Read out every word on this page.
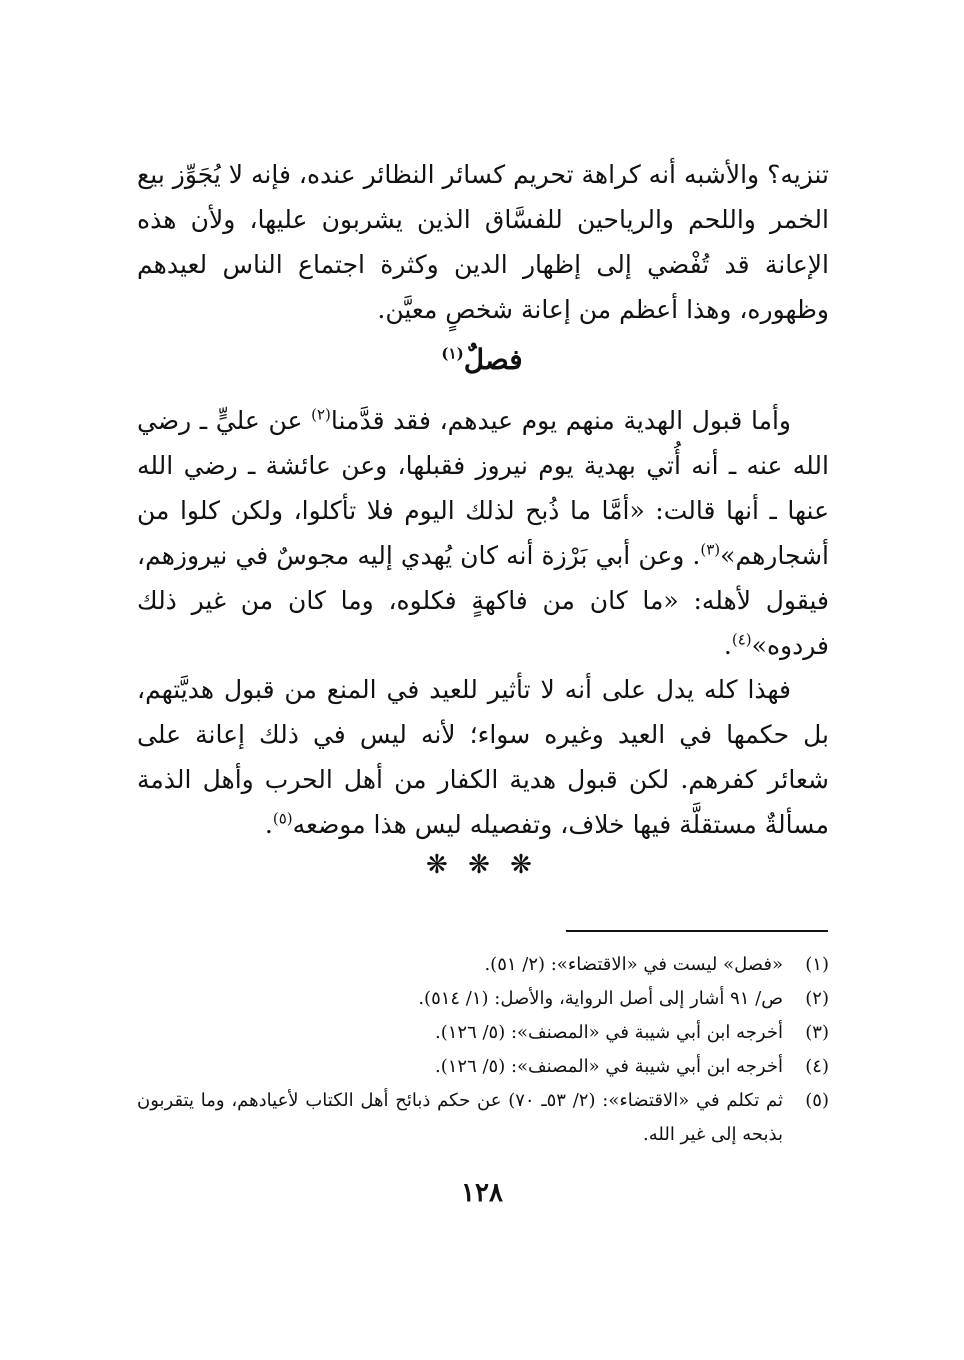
تنزيه؟ والأشبه أنه كراهة تحريم كسائر النظائر عنده، فإنه لا يُجَوِّز بيع الخمر واللحم والرياحين للفسَّاق الذين يشربون عليها، ولأن هذه الإعانة قد تُفْضي إلى إظهار الدين وكثرة اجتماع الناس لعيدهم وظهوره، وهذا أعظم من إعانة شخصٍ معيَّن.

فصلٌ$^{(١)}$

وأما قبول الهدية منهم يوم عيدهم، فقد قدَّمنا$^{(٢)}$ عن عليٍّ ـ رضي الله عنه ـ أنه أُتي بهدية يوم نيروز فقبلها، وعن عائشة ـ رضي الله عنها ـ أنها قالت: «أمَّا ما ذُبح لذلك اليوم فلا تأكلوا، ولكن كلوا من أشجارهم»$^{(٣)}$. وعن أبي بَرْزة أنه كان يُهدي إليه مجوسٌ في نيروزهم، فيقول لأهله: «ما كان من فاكهةٍ فكلوه، وما كان من غير ذلك فردوه»$^{(٤)}$.

فهذا كله يدل على أنه لا تأثير للعيد في المنع من قبول هديَّتهم، بل حكمها في العيد وغيره سواء؛ لأنه ليس في ذلك إعانة على شعائر كفرهم. لكن قبول هدية الكفار من أهل الحرب وأهل الذمة مسألةٌ مستقلَّة فيها خلاف، وتفصيله ليس هذا موضعه$^{(٥)}$.

❋ ❋ ❋
(١)
«فصل» ليست في «الاقتضاء»: (٢/ ٥١).
(٢)
ص/ ٩١ أشار إلى أصل الرواية، والأصل: (١/ ٥١٤).
(٣)
أخرجه ابن أبي شيبة في «المصنف»: (٥/ ١٢٦).
(٤)
أخرجه ابن أبي شيبة في «المصنف»: (٥/ ١٢٦).
(٥)
ثم تكلم في «الاقتضاء»: (٢/ ٥٣ـ ٧٠) عن حكم ذبائح أهل الكتاب لأعيادهم، وما يتقربون بذبحه إلى غير الله.
١٢٨
